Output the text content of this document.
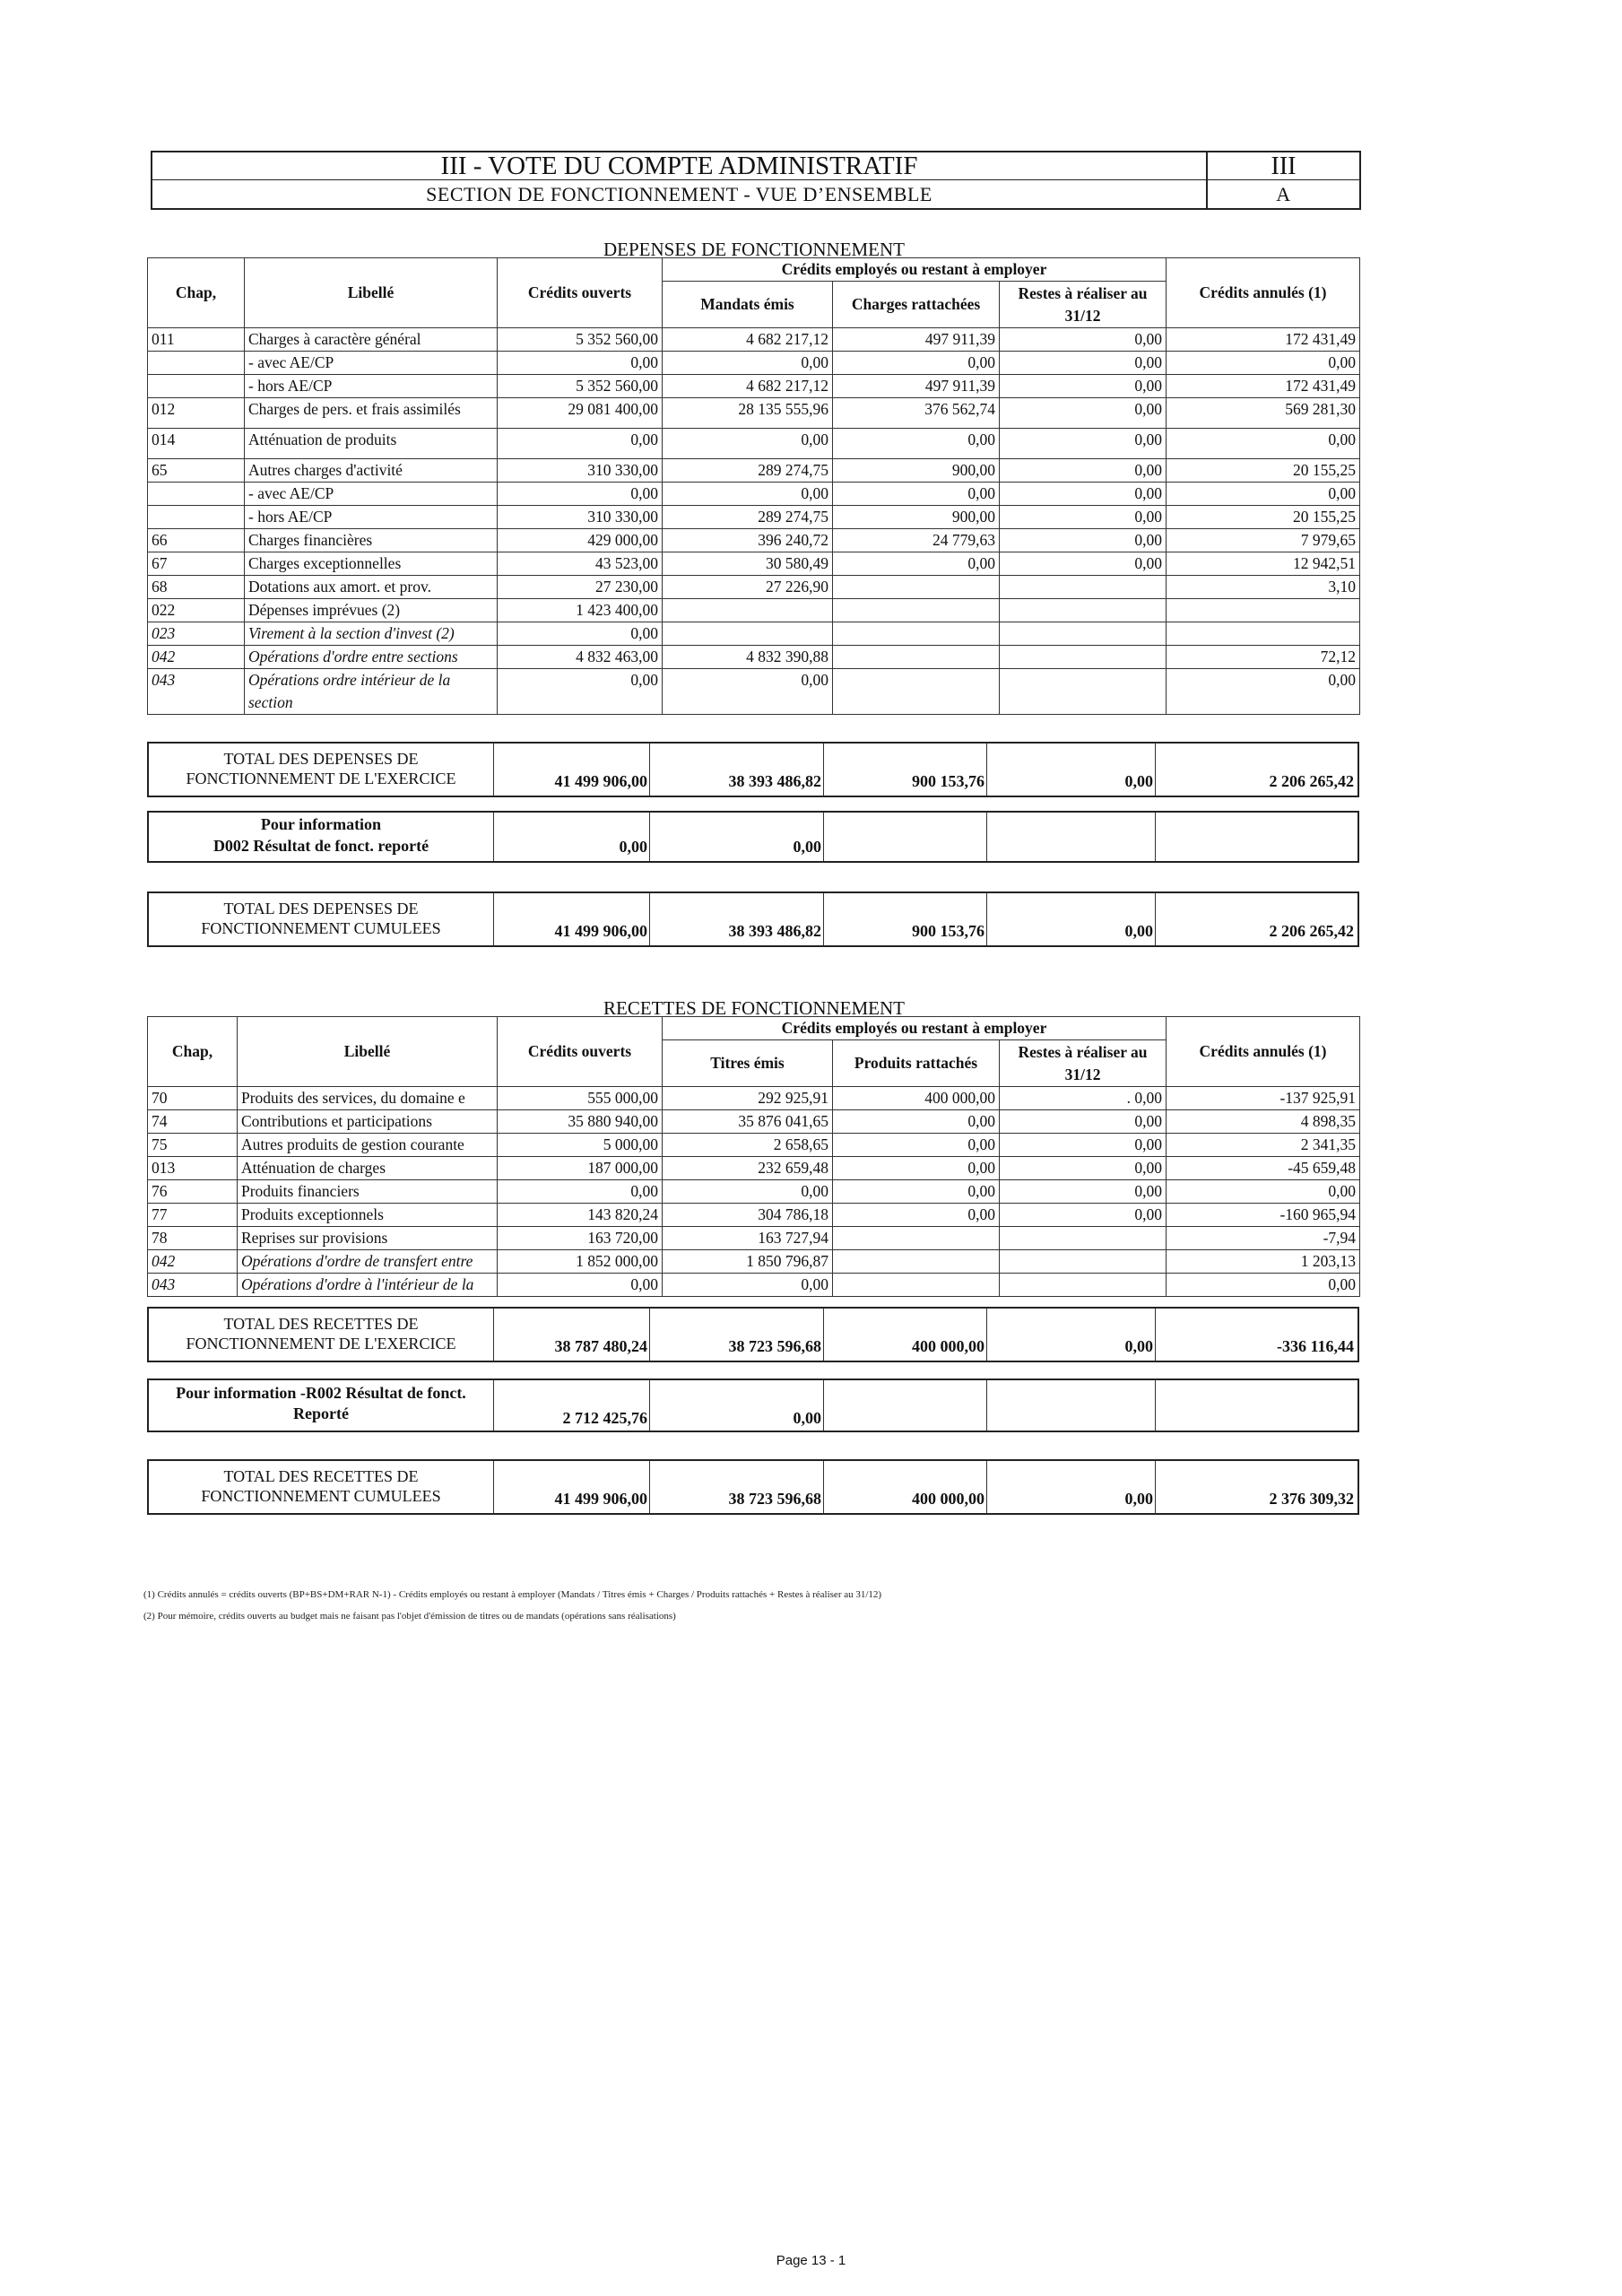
III - VOTE DU COMPTE ADMINISTRATIF
SECTION DE FONCTIONNEMENT - VUE D’ENSEMBLE
III
A
DEPENSES DE FONCTIONNEMENT
Chap,	Libellé	Crédits ouverts	Crédits employés ou restant à employer			Crédits annulés (1)
			Mandats émis	Charges rattachées	Restes à réaliser au 31/12	
011	Charges à caractère général	5 352 560,00	4 682 217,12	497 911,39	0,00	172 431,49
	- avec AE/CP	0,00	0,00	0,00	0,00	0,00
	- hors AE/CP	5 352 560,00	4 682 217,12	497 911,39	0,00	172 431,49
012	Charges de pers. et frais assimilés	29 081 400,00	28 135 555,96	376 562,74	0,00	569 281,30
014	Atténuation de produits	0,00	0,00	0,00	0,00	0,00
65	Autres charges d'activité	310 330,00	289 274,75	900,00	0,00	20 155,25
	- avec AE/CP	0,00	0,00	0,00	0,00	0,00
	- hors AE/CP	310 330,00	289 274,75	900,00	0,00	20 155,25
66	Charges financières	429 000,00	396 240,72	24 779,63	0,00	7 979,65
67	Charges exceptionnelles	43 523,00	30 580,49	0,00	0,00	12 942,51
68	Dotations aux amort. et prov.	27 230,00	27 226,90			3,10
022	Dépenses imprévues (2)	1 423 400,00				
023	Virement à la section d'invest (2)	0,00				
042	Opérations d'ordre entre sections	4 832 463,00	4 832 390,88			72,12
043	Opérations ordre intérieur de la section	0,00	0,00			0,00
TOTAL DES DEPENSES DE FONCTIONNEMENT DE L'EXERCICE	41 499 906,00	38 393 486,82	900 153,76	0,00	2 206 265,42
Pour information
D002 Résultat de fonct. reporté	0,00	0,00
TOTAL DES DEPENSES DE FONCTIONNEMENT CUMULEES	41 499 906,00	38 393 486,82	900 153,76	0,00	2 206 265,42
RECETTES DE FONCTIONNEMENT
Chap,	Libellé	Crédits ouverts	Crédits employés ou restant à employer			Crédits annulés (1)
			Titres émis	Produits rattachés	Restes à réaliser au 31/12	
70	Produits des services, du domaine e	555 000,00	292 925,91	400 000,00	. 0,00	-137 925,91
74	Contributions et participations	35 880 940,00	35 876 041,65	0,00	0,00	4 898,35
75	Autres produits de gestion courante	5 000,00	2 658,65	0,00	0,00	2 341,35
013	Atténuation de charges	187 000,00	232 659,48	0,00	0,00	-45 659,48
76	Produits financiers	0,00	0,00	0,00	0,00	0,00
77	Produits exceptionnels	143 820,24	304 786,18	0,00	0,00	-160 965,94
78	Reprises sur provisions	163 720,00	163 727,94			-7,94
042	Opérations d'ordre de transfert entre	1 852 000,00	1 850 796,87			1 203,13
043	Opérations d'ordre à l'intérieur de la	0,00	0,00			0,00
TOTAL DES RECETTES DE FONCTIONNEMENT DE L'EXERCICE	38 787 480,24	38 723 596,68	400 000,00	0,00	-336 116,44
Pour information -R002 Résultat de fonct.
Reporté	2 712 425,76	0,00
TOTAL DES RECETTES DE FONCTIONNEMENT CUMULEES	41 499 906,00	38 723 596,68	400 000,00	0,00	2 376 309,32
(1) Crédits annulés = crédits ouverts (BP+BS+DM+RAR N-1) - Crédits employés ou restant à employer (Mandats / Titres émis + Charges / Produits rattachés + Restes à réaliser au 31/12)
(2) Pour mémoire, crédits ouverts au budget mais ne faisant pas l'objet d'émission de titres ou de mandats (opérations sans réalisations)
Page 13 - 1
